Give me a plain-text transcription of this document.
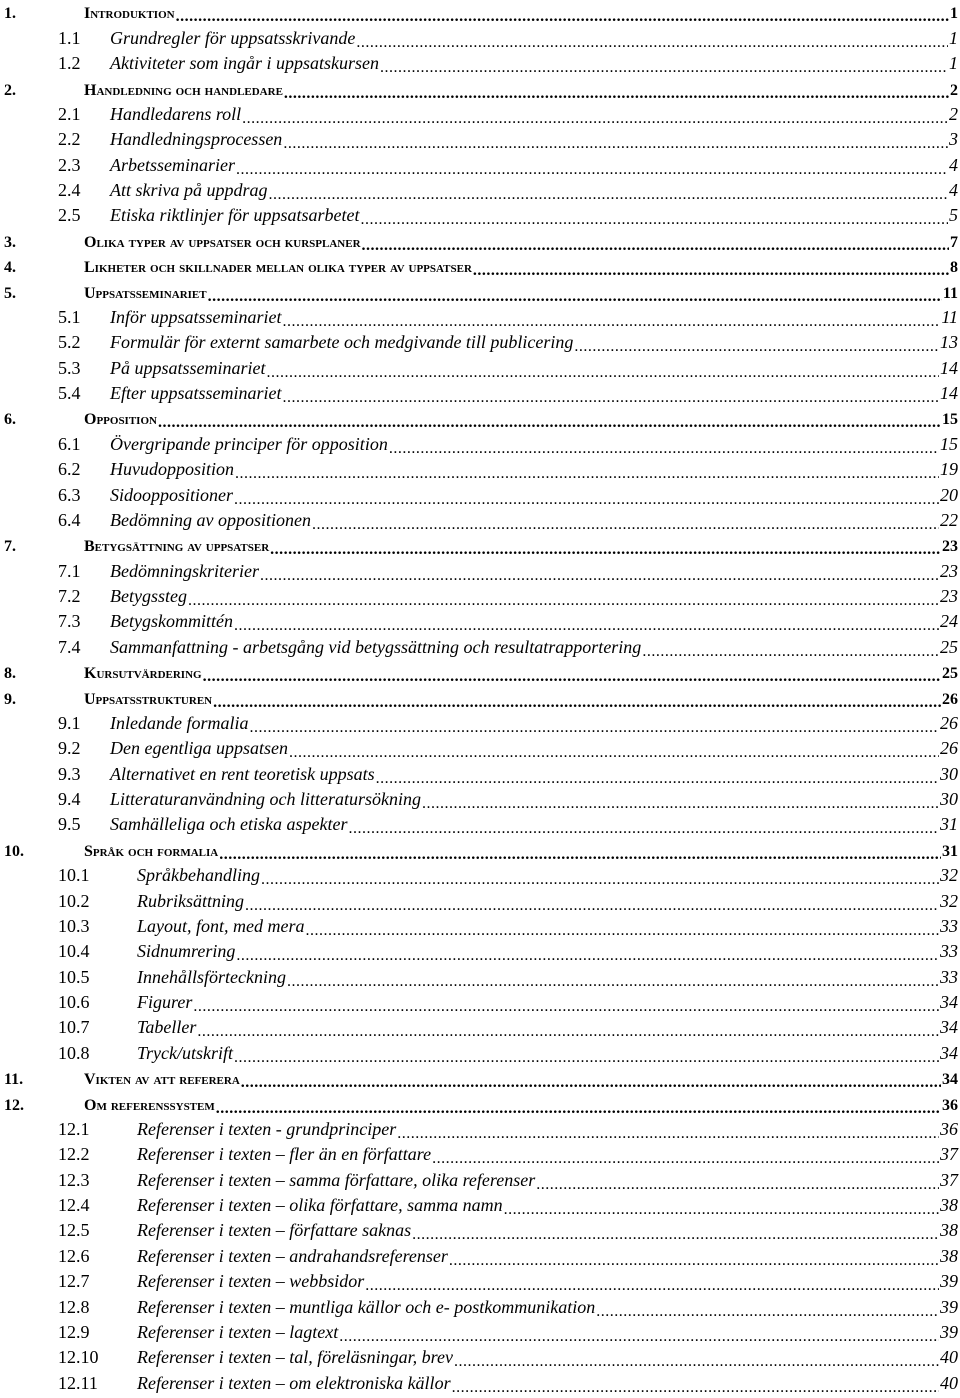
1.	Introduktion .....	1
1.1	Grundregler för uppsatsskrivande .....	1
1.2	Aktiviteter som ingår i uppsatskursen .....	1
2.	Handledning och handledare .....	2
2.1	Handledarens roll .....	2
2.2	Handledningsprocessen .....	3
2.3	Arbetsseminarier .....	4
2.4	Att skriva på uppdrag .....	4
2.5	Etiska riktlinjer för uppsatsarbetet .....	5
3.	Olika typer av uppsatser och kursplaner .....	7
4.	Likheter och skillnader mellan olika typer av uppsatser .....	8
5.	Uppsatsseminariet .....	11
5.1	Inför uppsatsseminariet .....	11
5.2	Formulär för externt samarbete och medgivande till publicering .....	13
5.3	På uppsatsseminariet .....	14
5.4	Efter uppsatsseminariet .....	14
6.	Opposition .....	15
6.1	Övergripande principer för opposition .....	15
6.2	Huvudopposition .....	19
6.3	Sidooppositioner .....	20
6.4	Bedömning av oppositionen .....	22
7.	Betygsättning av uppsatser .....	23
7.1	Bedömningskriterier .....	23
7.2	Betygssteg .....	23
7.3	Betygskommittén .....	24
7.4	Sammanfattning - arbetsgång vid betygssättning och resultatrapportering .....	25
8.	Kursutvärdering .....	25
9.	Uppsatsstrukturen .....	26
9.1	Inledande formalia .....	26
9.2	Den egentliga uppsatsen .....	26
9.3	Alternativet en rent teoretisk uppsats .....	30
9.4	Litteraturanvändning och litteratursökning .....	30
9.5	Samhälleliga och etiska aspekter .....	31
10.	Språk och formalia .....	31
10.1	Språkbehandling .....	32
10.2	Rubriksättning .....	32
10.3	Layout, font, med mera .....	33
10.4	Sidnumrering .....	33
10.5	Innehållsförteckning .....	33
10.6	Figurer .....	34
10.7	Tabeller .....	34
10.8	Tryck/utskrift .....	34
11.	Vikten av att referera .....	34
12.	Om referenssystem .....	36
12.1	Referenser i texten - grundprinciper .....	36
12.2	Referenser i texten – fler än en författare .....	37
12.3	Referenser i texten – samma författare, olika referenser .....	37
12.4	Referenser i texten – olika författare, samma namn .....	38
12.5	Referenser i texten – författare saknas .....	38
12.6	Referenser i texten – andrahandsreferenser .....	38
12.7	Referenser i texten – webbsidor .....	39
12.8	Referenser i texten – muntliga källor och e- postkommunikation .....	39
12.9	Referenser i texten – lagtext .....	39
12.10	Referenser i texten – tal, föreläsningar, brev .....	40
12.11	Referenser i texten – om elektroniska källor .....	40
